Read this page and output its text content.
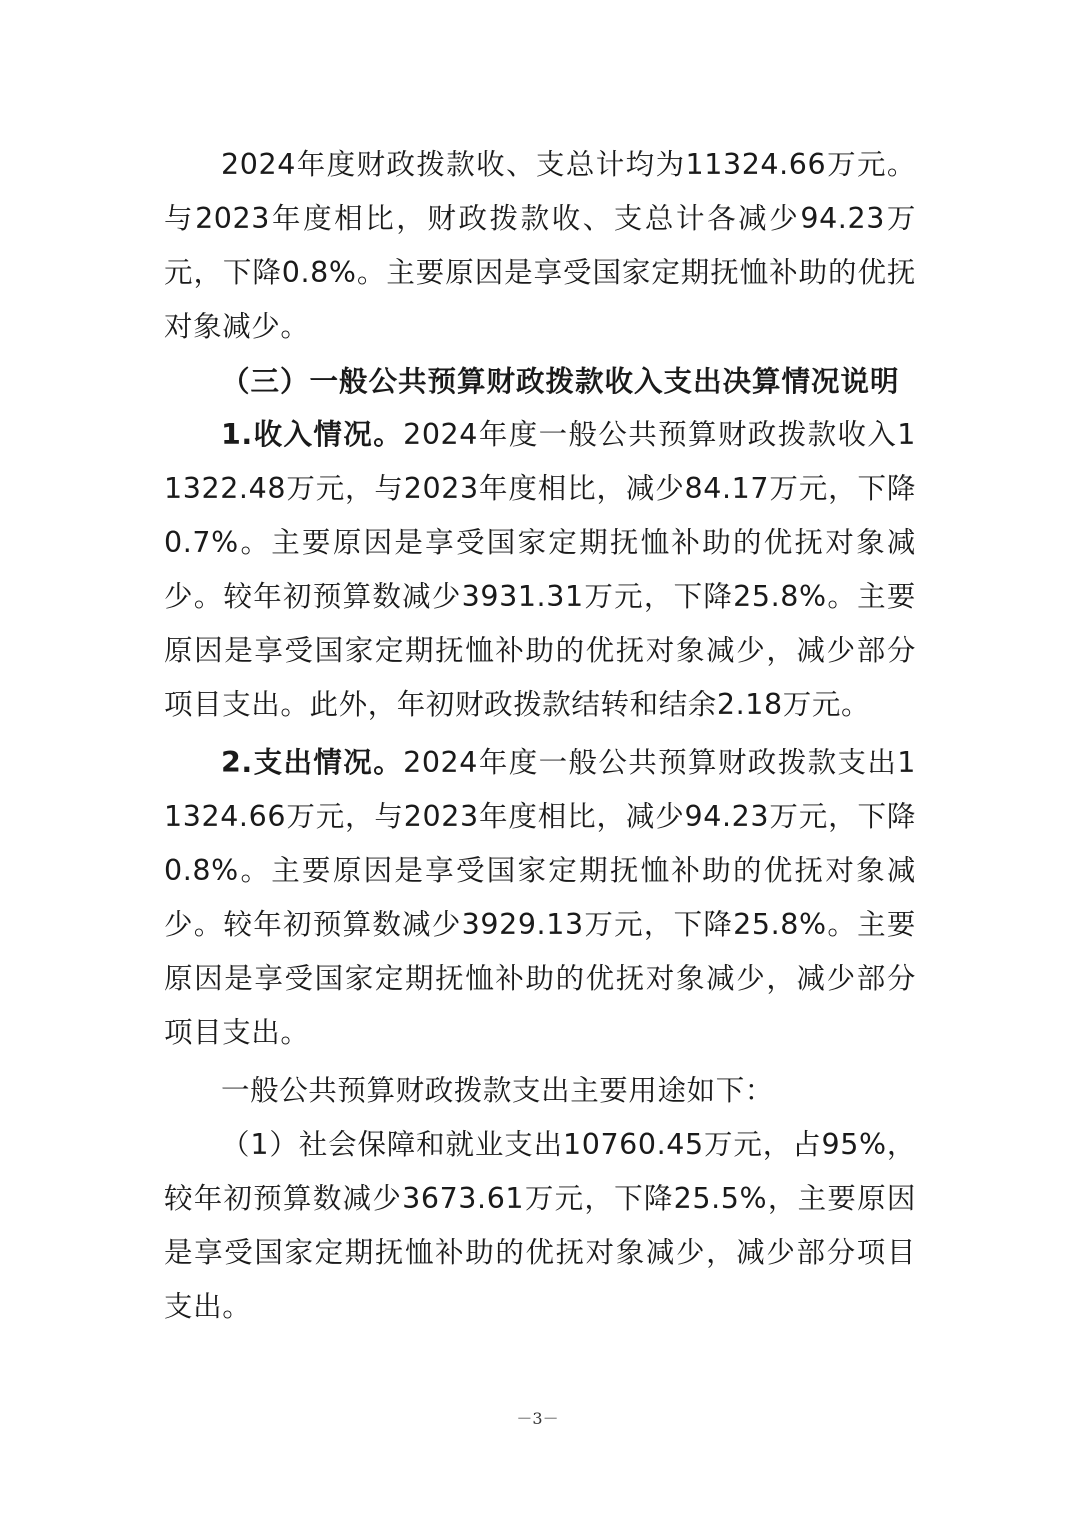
2024年度财政拨款收、支总计均为11324.66万元。与2023年度相比，财政拨款收、支总计各减少94.23万元，下降0.8%。主要原因是享受国家定期抚恤补助的优抚对象减少。

（三）一般公共预算财政拨款收入支出决算情况说明

1.收入情况。2024年度一般公共预算财政拨款收入11322.48万元，与2023年度相比，减少84.17万元，下降0.7%。主要原因是享受国家定期抚恤补助的优抚对象减少。较年初预算数减少3931.31万元，下降25.8%。主要原因是享受国家定期抚恤补助的优抚对象减少，减少部分项目支出。此外，年初财政拨款结转和结余2.18万元。

2.支出情况。2024年度一般公共预算财政拨款支出11324.66万元，与2023年度相比，减少94.23万元，下降0.8%。主要原因是享受国家定期抚恤补助的优抚对象减少。较年初预算数减少3929.13万元，下降25.8%。主要原因是享受国家定期抚恤补助的优抚对象减少，减少部分项目支出。

一般公共预算财政拨款支出主要用途如下：

（1）社会保障和就业支出10760.45万元，占95%，较年初预算数减少3673.61万元，下降25.5%，主要原因是享受国家定期抚恤补助的优抚对象减少，减少部分项目支出。

－3－
